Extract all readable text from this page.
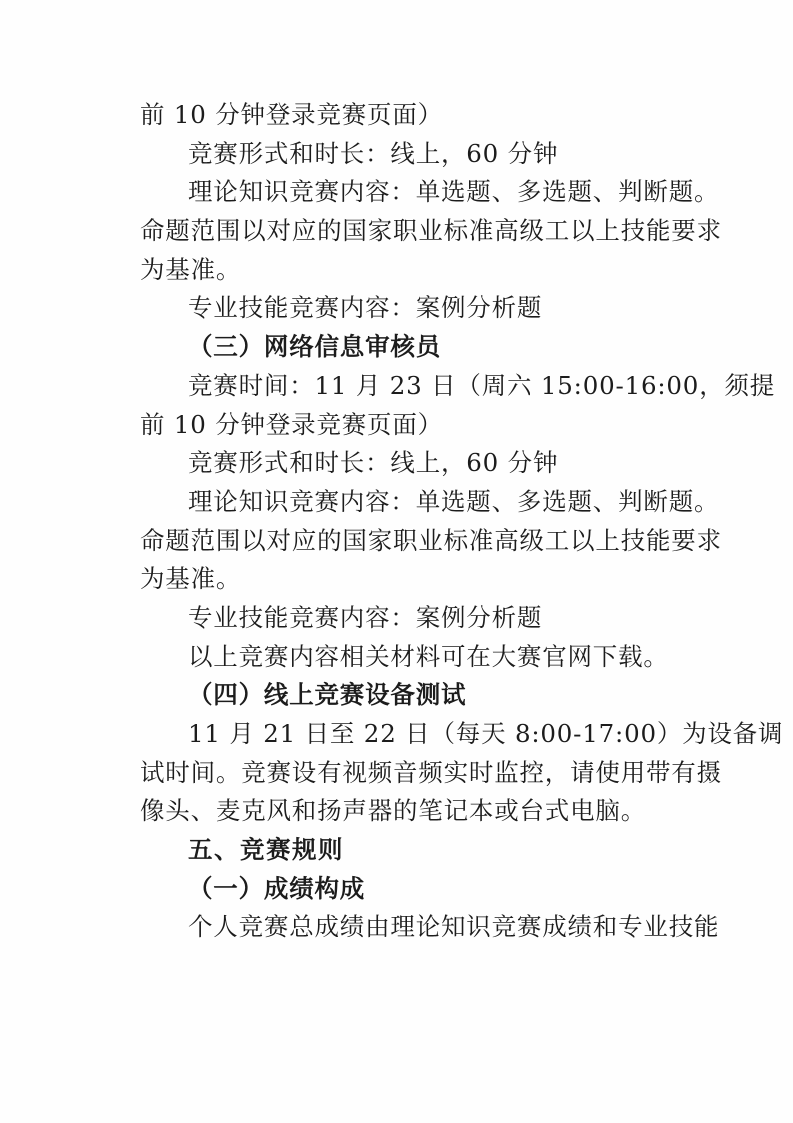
前 10 分钟登录竞赛页面）
竞赛形式和时长：线上，60 分钟
理论知识竞赛内容：单选题、多选题、判断题。
命题范围以对应的国家职业标准高级工以上技能要求
为基准。
专业技能竞赛内容：案例分析题
（三）网络信息审核员
竞赛时间：11 月 23 日（周六 15:00-16:00，须提
前 10 分钟登录竞赛页面）
竞赛形式和时长：线上，60 分钟
理论知识竞赛内容：单选题、多选题、判断题。
命题范围以对应的国家职业标准高级工以上技能要求
为基准。
专业技能竞赛内容：案例分析题
以上竞赛内容相关材料可在大赛官网下载。
（四）线上竞赛设备测试
11 月 21 日至 22 日（每天 8:00-17:00）为设备调
试时间。竞赛设有视频音频实时监控，请使用带有摄
像头、麦克风和扬声器的笔记本或台式电脑。
五、竞赛规则
（一）成绩构成
个人竞赛总成绩由理论知识竞赛成绩和专业技能
